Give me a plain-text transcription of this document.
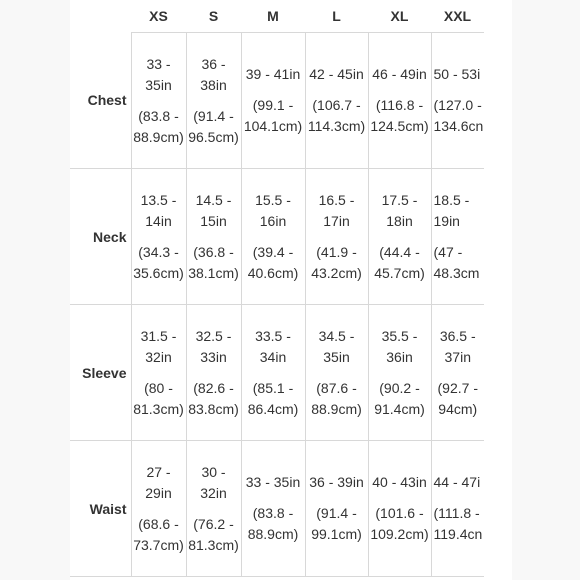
	XS	S	M	L	XL	XXL
Chest	33 -
35in
(83.8 -
88.9cm)	36 -
38in
(91.4 -
96.5cm)	39 - 41in
(99.1 -
104.1cm)	42 - 45in
(106.7 -
114.3cm)	46 - 49in
(116.8 -
124.5cm)	50 - 53i
(127.0 -
134.6cn

Neck	13.5 -
14in
(34.3 -
35.6cm)	14.5 -
15in
(36.8 -
38.1cm)	15.5 -
16in
(39.4 -
40.6cm)	16.5 -
17in
(41.9 -
43.2cm)	17.5 -
18in
(44.4 -
45.7cm)	18.5 -
19in
(47 -
48.3cm

Sleeve	31.5 -
32in
(80 -
81.3cm)	32.5 -
33in
(82.6 -
83.8cm)	33.5 -
34in
(85.1 -
86.4cm)	34.5 -
35in
(87.6 -
88.9cm)	35.5 -
36in
(90.2 -
91.4cm)	36.5 -
37in
(92.7 -
94cm)

Waist	27 -
29in
(68.6 -
73.7cm)	30 -
32in
(76.2 -
81.3cm)	33 - 35in
(83.8 -
88.9cm)	36 - 39in
(91.4 -
99.1cm)	40 - 43in
(101.6 -
109.2cm)	44 - 47i
(111.8 -
119.4cn
